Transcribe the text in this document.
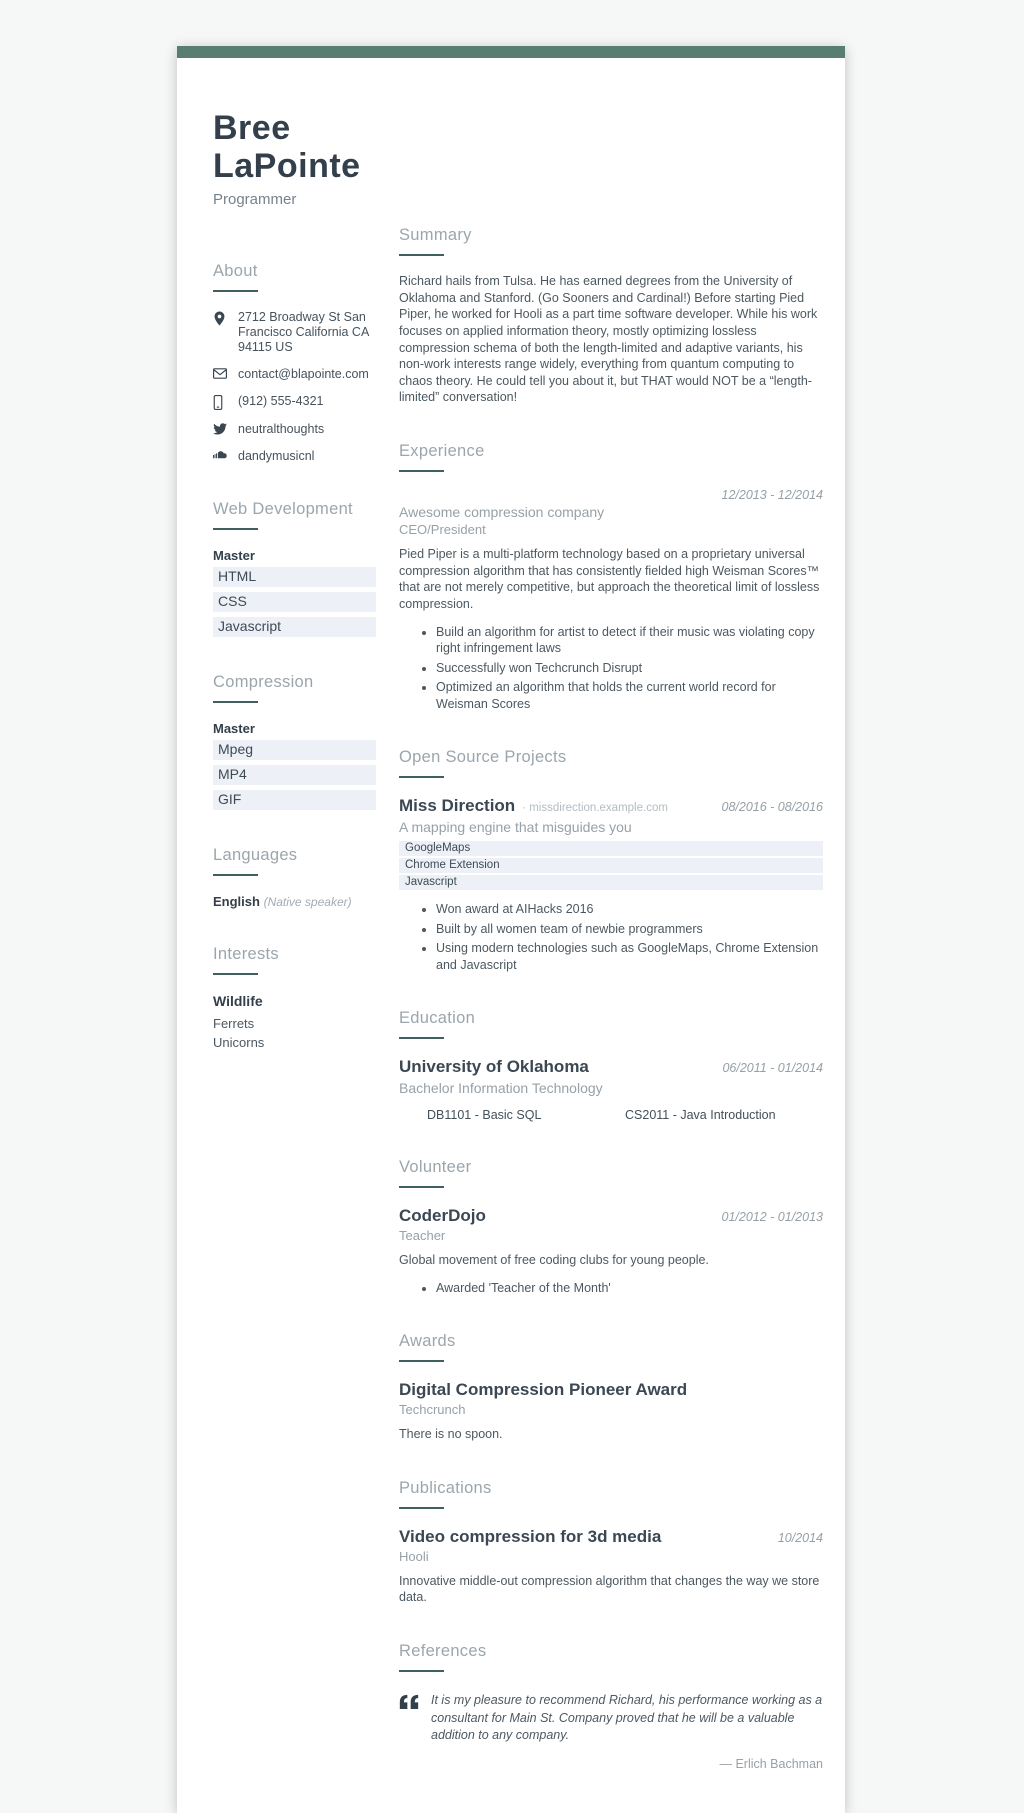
Bree LaPointe
Programmer
About
2712 Broadway St San Francisco California CA 94115 US
contact@blapointe.com
(912) 555-4321
neutralthoughts
dandymusicnl
Web Development
Master
HTML
CSS
Javascript
Compression
Master
Mpeg
MP4
GIF
Languages
English (Native speaker)
Interests
Wildlife
Ferrets
Unicorns
Summary
Richard hails from Tulsa. He has earned degrees from the University of Oklahoma and Stanford. (Go Sooners and Cardinal!) Before starting Pied Piper, he worked for Hooli as a part time software developer. While his work focuses on applied information theory, mostly optimizing lossless compression schema of both the length-limited and adaptive variants, his non-work interests range widely, everything from quantum computing to chaos theory. He could tell you about it, but THAT would NOT be a “length-limited” conversation!
Experience
12/2013 - 12/2014
Awesome compression company
CEO/President
Pied Piper is a multi-platform technology based on a proprietary universal compression algorithm that has consistently fielded high Weisman Scores™ that are not merely competitive, but approach the theoretical limit of lossless compression.
• Build an algorithm for artist to detect if their music was violating copy right infringement laws
• Successfully won Techcrunch Disrupt
• Optimized an algorithm that holds the current world record for Weisman Scores
Open Source Projects
Miss Direction · missdirection.example.com	08/2016 - 08/2016
A mapping engine that misguides you
GoogleMaps
Chrome Extension
Javascript
• Won award at AIHacks 2016
• Built by all women team of newbie programmers
• Using modern technologies such as GoogleMaps, Chrome Extension and Javascript
Education
University of Oklahoma	06/2011 - 01/2014
Bachelor Information Technology
DB1101 - Basic SQL	CS2011 - Java Introduction
Volunteer
CoderDojo	01/2012 - 01/2013
Teacher
Global movement of free coding clubs for young people.
• Awarded 'Teacher of the Month'
Awards
Digital Compression Pioneer Award
Techcrunch
There is no spoon.
Publications
Video compression for 3d media	10/2014
Hooli
Innovative middle-out compression algorithm that changes the way we store data.
References
It is my pleasure to recommend Richard, his performance working as a consultant for Main St. Company proved that he will be a valuable addition to any company.
— Erlich Bachman
